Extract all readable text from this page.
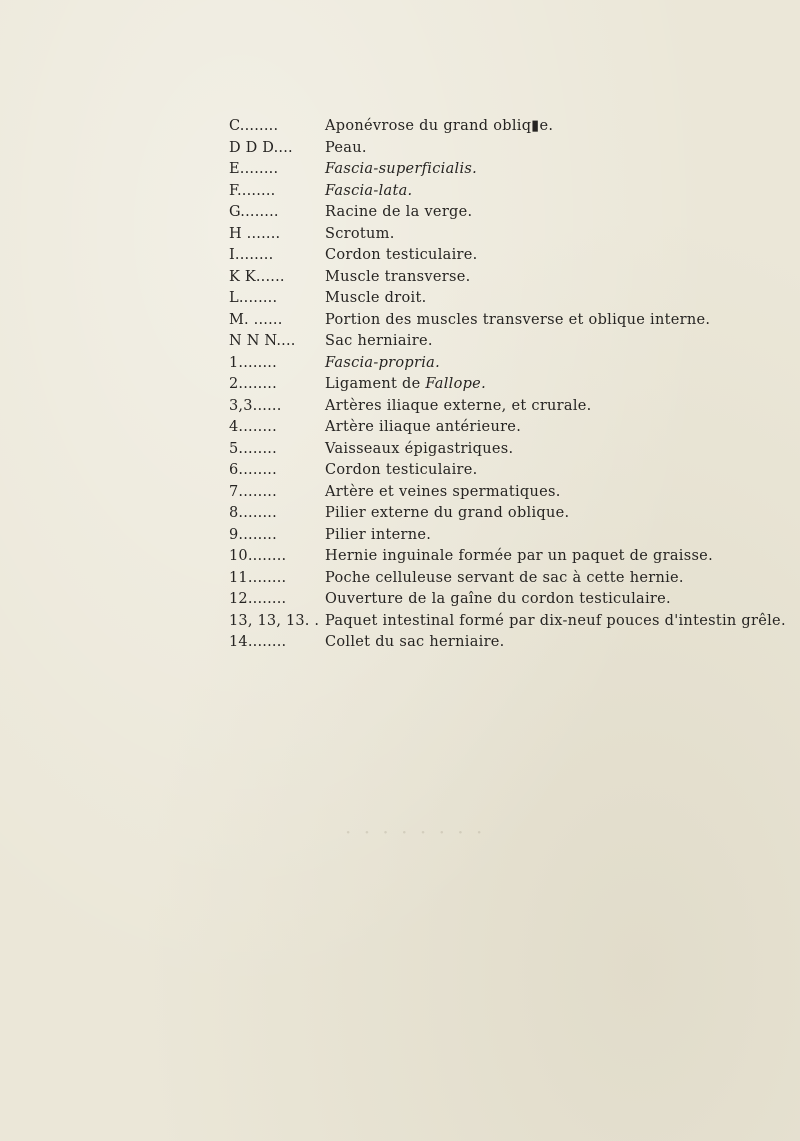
· · · · · · · ·
C........	Aponévrose du grand obliq▮e.
D D D....	Peau.
E........	Fascia-superficialis.
F........	Fascia-lata.
G........	Racine de la verge.
H .......	Scrotum.
I........	Cordon testiculaire.
K K......	Muscle transverse.
L........	Muscle droit.
M. ......	Portion des muscles transverse et oblique interne.
N N N....	Sac herniaire.
1........	Fascia-propria.
2........	Ligament de Fallope.
3,3......	Artères iliaque externe, et crurale.
4........	Artère iliaque antérieure.
5........	Vaisseaux épigastriques.
6........	Cordon testiculaire.
7........	Artère et veines spermatiques.
8........	Pilier externe du grand oblique.
9........	Pilier interne.
10........	Hernie inguinale formée par un paquet de graisse.
11........	Poche celluleuse servant de sac à cette hernie.
12........	Ouverture de la gaîne du cordon testiculaire.
13, 13, 13. . Paquet intestinal formé par dix-neuf pouces d'intestin grêle.
14........	Collet du sac herniaire.
